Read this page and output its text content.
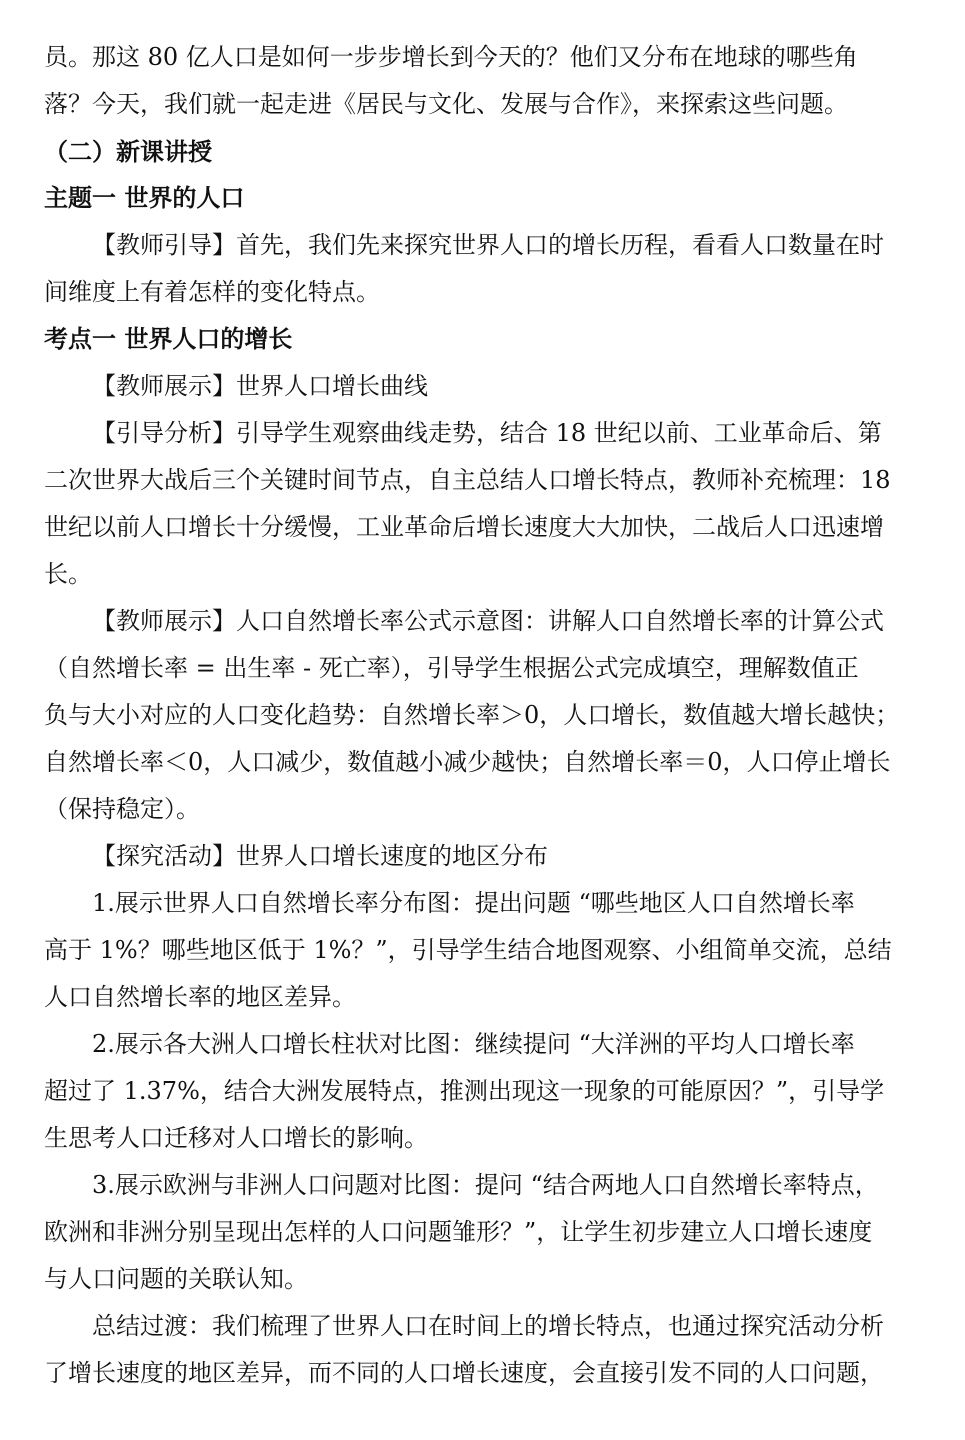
员。那这 80 亿人口是如何一步步增长到今天的？他们又分布在地球的哪些角
落？今天，我们就一起走进《居民与文化、发展与合作》，来探索这些问题。
（二）新课讲授
主题一 世界的人口
【教师引导】首先，我们先来探究世界人口的增长历程，看看人口数量在时
间维度上有着怎样的变化特点。
考点一 世界人口的增长
【教师展示】世界人口增长曲线
【引导分析】引导学生观察曲线走势，结合 18 世纪以前、工业革命后、第
二次世界大战后三个关键时间节点，自主总结人口增长特点，教师补充梳理：18
世纪以前人口增长十分缓慢，工业革命后增长速度大大加快，二战后人口迅速增
长。
【教师展示】人口自然增长率公式示意图：讲解人口自然增长率的计算公式
（自然增长率 = 出生率 - 死亡率），引导学生根据公式完成填空，理解数值正
负与大小对应的人口变化趋势：自然增长率＞0，人口增长，数值越大增长越快；
自然增长率＜0，人口减少，数值越小减少越快；自然增长率＝0，人口停止增长
（保持稳定）。
【探究活动】世界人口增长速度的地区分布
1.展示世界人口自然增长率分布图：提出问题 “哪些地区人口自然增长率
高于 1%？哪些地区低于 1%？”，引导学生结合地图观察、小组简单交流，总结
人口自然增长率的地区差异。
2.展示各大洲人口增长柱状对比图：继续提问 “大洋洲的平均人口增长率
超过了 1.37%，结合大洲发展特点，推测出现这一现象的可能原因？”，引导学
生思考人口迁移对人口增长的影响。
3.展示欧洲与非洲人口问题对比图：提问 “结合两地人口自然增长率特点，
欧洲和非洲分别呈现出怎样的人口问题雏形？”，让学生初步建立人口增长速度
与人口问题的关联认知。
总结过渡：我们梳理了世界人口在时间上的增长特点，也通过探究活动分析
了增长速度的地区差异，而不同的人口增长速度，会直接引发不同的人口问题，
